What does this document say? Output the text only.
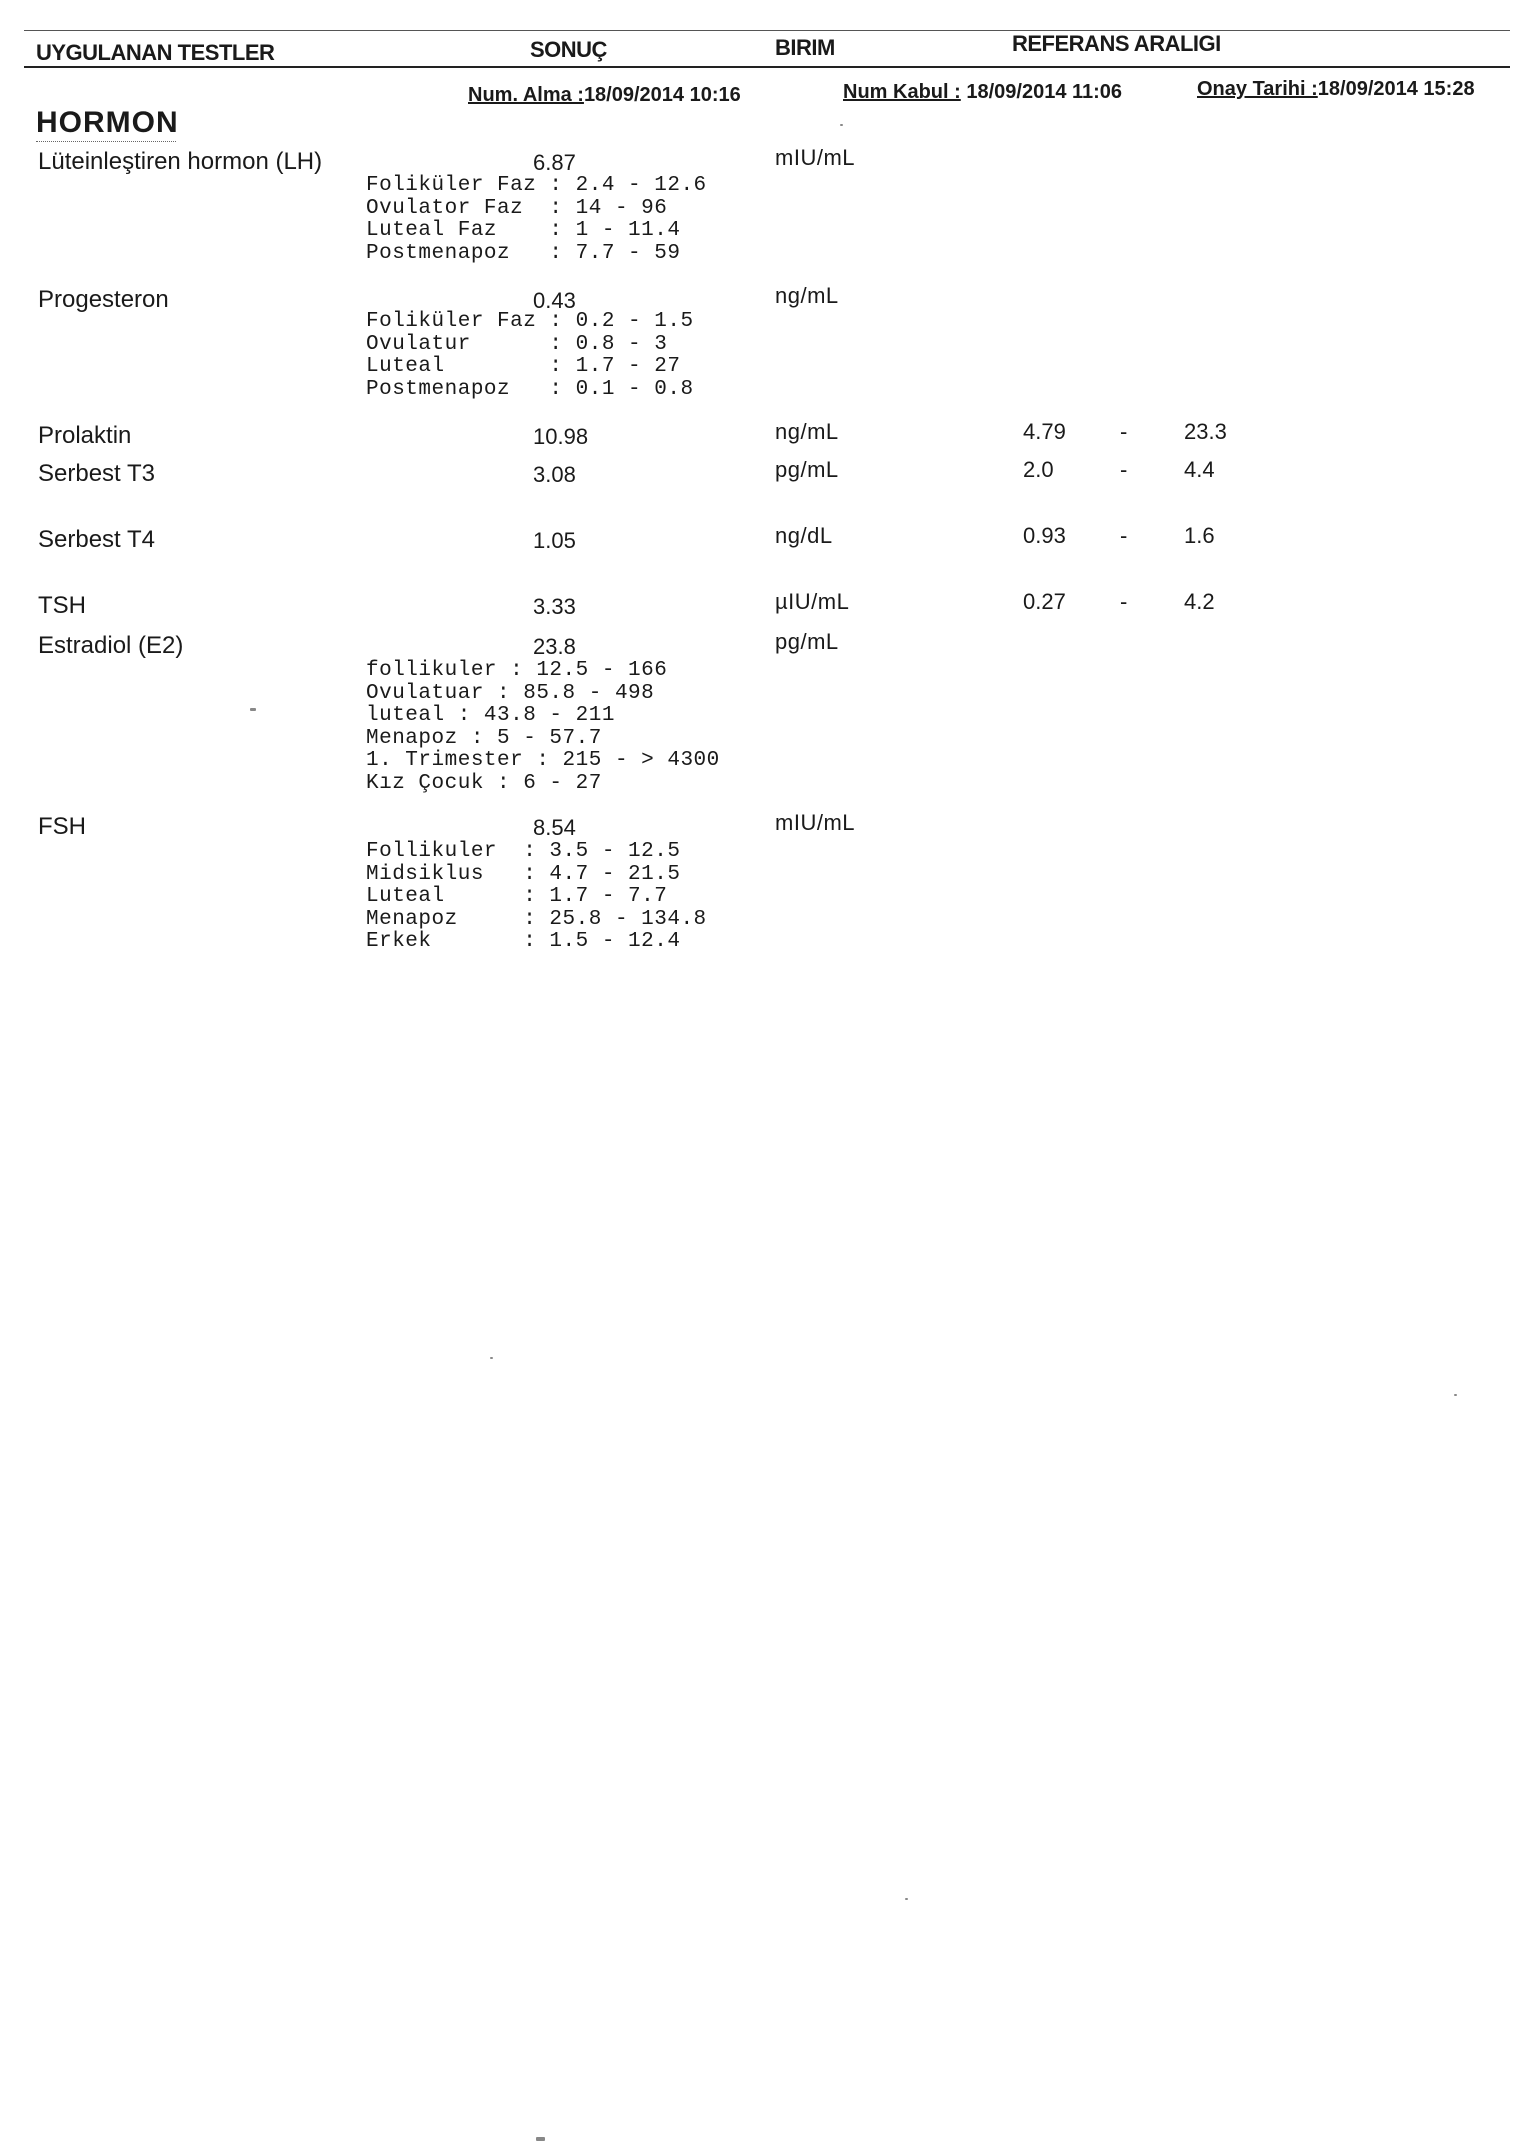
UYGULANAN TESTLER	SONUÇ	BIRIM	REFERANS ARALIGI
Num. Alma :18/09/2014 10:16	Num Kabul : 18/09/2014 11:06	Onay Tarihi :18/09/2014 15:28
HORMON
Lüteinleştiren hormon (LH)	6.87	mIU/mL
Foliküler Faz : 2.4 - 12.6
Ovulator Faz  : 14 - 96
Luteal Faz    : 1 - 11.4
Postmenapoz   : 7.7 - 59
Progesteron	0.43	ng/mL
Foliküler Faz : 0.2 - 1.5
Ovulatur      : 0.8 - 3
Luteal        : 1.7 - 27
Postmenapoz   : 0.1 - 0.8
Prolaktin	10.98	ng/mL	4.79 -	23.3
Serbest T3	3.08	pg/mL	2.0	-	4.4
Serbest T4	1.05	ng/dL	0.93 -	1.6
TSH	3.33	µIU/mL	0.27 -	4.2
Estradiol (E2)	23.8	pg/mL
follikuler : 12.5 - 166
Ovulatuar : 85.8 - 498
luteal : 43.8 - 211
Menapoz : 5 - 57.7
1. Trimester : 215 - > 4300
Kız Çocuk : 6 - 27
FSH	8.54	mIU/mL
Follikuler  : 3.5 - 12.5
Midsiklus   : 4.7 - 21.5
Luteal      : 1.7 - 7.7
Menapoz     : 25.8 - 134.8
Erkek       : 1.5 - 12.4
